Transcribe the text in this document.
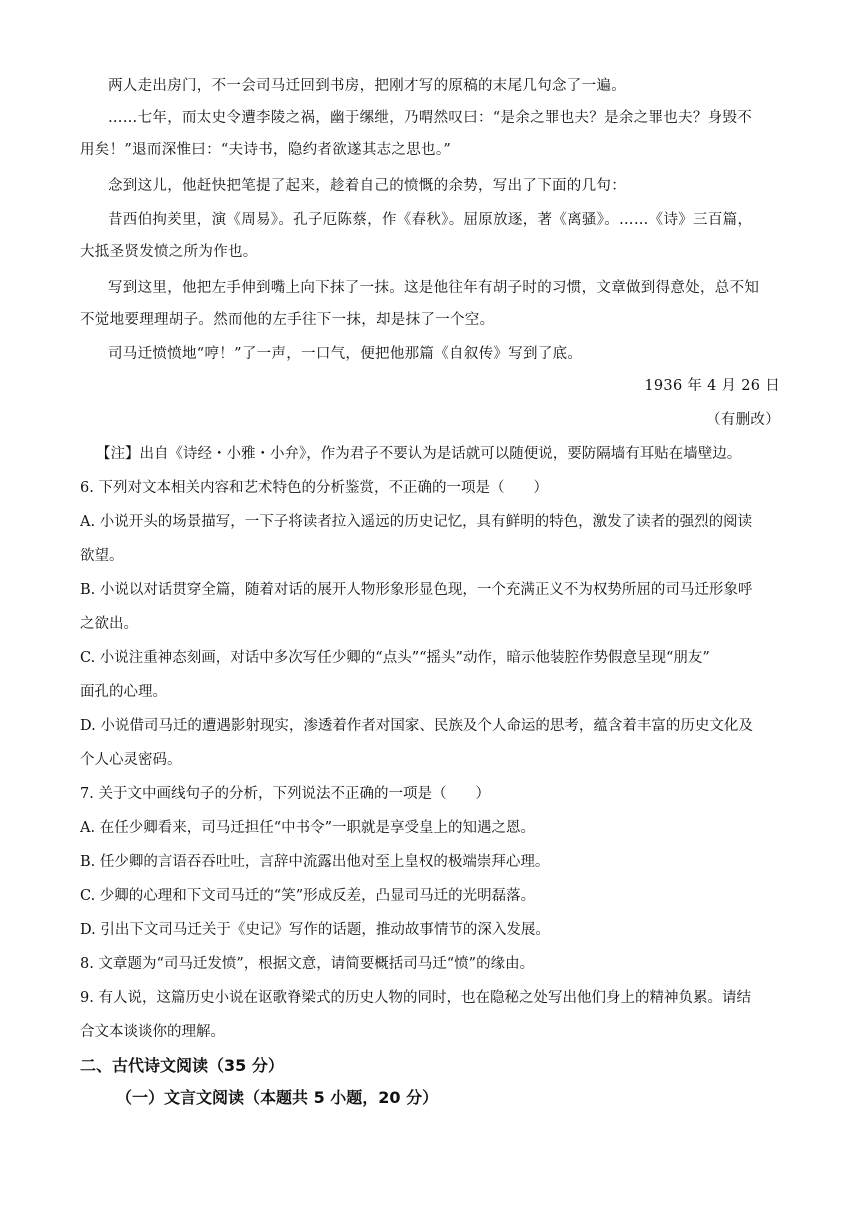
两人走出房门，不一会司马迁回到书房，把刚才写的原稿的末尾几句念了一遍。
……七年，而太史令遭李陵之祸，幽于缧绁，乃喟然叹曰：“是余之罪也夫？是余之罪也夫？身毁不
用矣！”退而深惟曰：“夫诗书，隐约者欲遂其志之思也。”
念到这儿，他赶快把笔提了起来，趁着自己的愤慨的余势，写出了下面的几句：
昔西伯拘羑里，演《周易》。孔子厄陈蔡，作《春秋》。屈原放逐，著《离骚》。……《诗》三百篇，
大抵圣贤发愤之所为作也。
写到这里，他把左手伸到嘴上向下抹了一抹。这是他往年有胡子时的习惯，文章做到得意处，总不知
不觉地要理理胡子。然而他的左手往下一抹，却是抹了一个空。
司马迁愤愤地“哼！”了一声，一口气，便把他那篇《自叙传》写到了底。
1936 年 4 月 26 日
（有删改）
【注】出自《诗经・小雅・小弁》，作为君子不要认为是话就可以随便说，要防隔墙有耳贴在墙壁边。
6. 下列对文本相关内容和艺术特色的分析鉴赏，不正确的一项是（　　）
A. 小说开头的场景描写，一下子将读者拉入遥远的历史记忆，具有鲜明的特色，激发了读者的强烈的阅读
欲望。
B. 小说以对话贯穿全篇，随着对话的展开人物形象形显色现，一个充满正义不为权势所屈的司马迁形象呼
之欲出。
C. 小说注重神态刻画，对话中多次写任少卿的“点头”“摇头”动作，暗示他装腔作势假意呈现“朋友”
面孔的心理。
D. 小说借司马迁的遭遇影射现实，渗透着作者对国家、民族及个人命运的思考，蕴含着丰富的历史文化及
个人心灵密码。
7. 关于文中画线句子的分析，下列说法不正确的一项是（　　）
A. 在任少卿看来，司马迁担任“中书令”一职就是享受皇上的知遇之恩。
B. 任少卿的言语吞吞吐吐，言辞中流露出他对至上皇权的极端崇拜心理。
C. 少卿的心理和下文司马迁的“笑”形成反差，凸显司马迁的光明磊落。
D. 引出下文司马迁关于《史记》写作的话题，推动故事情节的深入发展。
8. 文章题为“司马迁发愤”，根据文意，请简要概括司马迁“愤”的缘由。
9. 有人说，这篇历史小说在讴歌脊梁式的历史人物的同时，也在隐秘之处写出他们身上的精神负累。请结
合文本谈谈你的理解。
二、古代诗文阅读（35 分）
（一）文言文阅读（本题共 5 小题，20 分）
